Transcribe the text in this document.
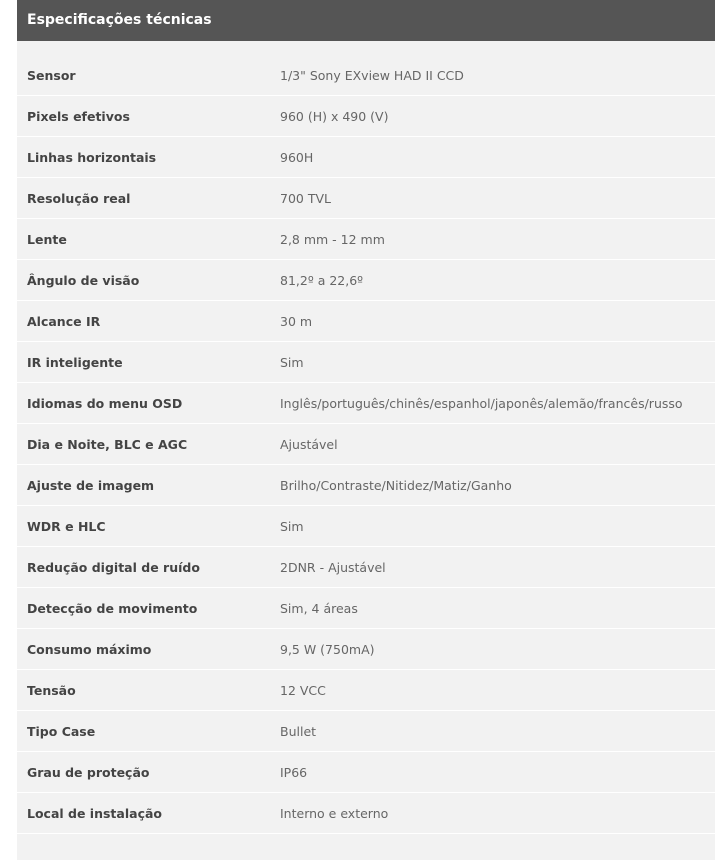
Especificações técnicas
Sensor	1/3" Sony EXview HAD II CCD
Pixels efetivos	960 (H) x 490 (V)
Linhas horizontais	960H
Resolução real	700 TVL
Lente	2,8 mm - 12 mm
Ângulo de visão	81,2º a 22,6º
Alcance IR	30 m
IR inteligente	Sim
Idiomas do menu OSD	Inglês/português/chinês/espanhol/japonês/alemão/francês/russo
Dia e Noite, BLC e AGC	Ajustável
Ajuste de imagem	Brilho/Contraste/Nitidez/Matiz/Ganho
WDR e HLC	Sim
Redução digital de ruído	2DNR - Ajustável
Detecção de movimento	Sim, 4 áreas
Consumo máximo	9,5 W (750mA)
Tensão	12 VCC
Tipo Case	Bullet
Grau de proteção	IP66
Local de instalação	Interno e externo
